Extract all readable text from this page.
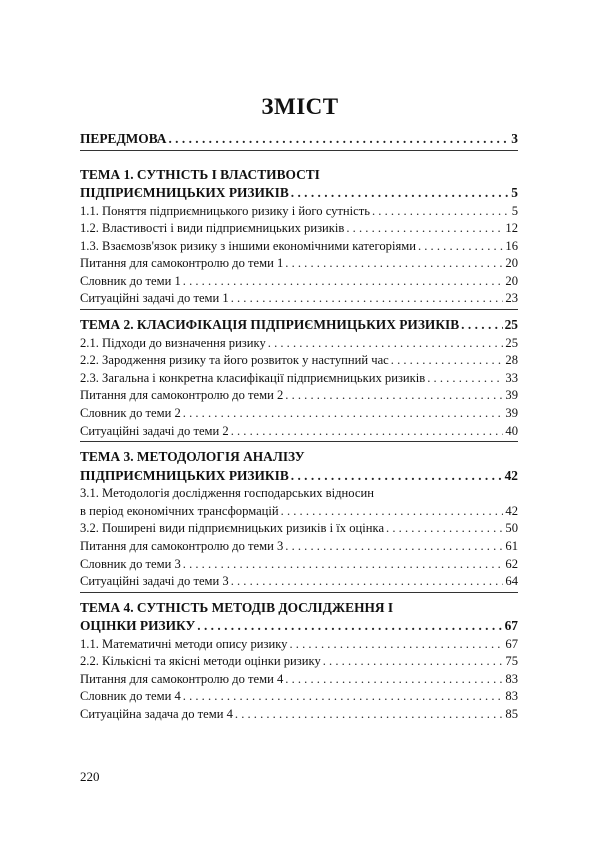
ЗМІСТ
ПЕРЕДМОВА . . .	3
ТЕМА 1. СУТНІСТЬ І ВЛАСТИВОСТІ
ПІДПРИЄМНИЦЬКИХ РИЗИКІВ . . .	5
1.1. Поняття підприємницького ризику і його сутність . . .	5
1.2. Властивості і види підприємницьких ризиків . . .	12
1.3. Взаємозв'язок ризику з іншими економічними категоріями . . .	16
Питання для самоконтролю до теми 1 . . .	20
Словник до теми 1 . . .	20
Ситуаційні задачі до теми 1 . . .	23
ТЕМА 2. КЛАСИФІКАЦІЯ ПІДПРИЄМНИЦЬКИХ РИЗИКІВ . . .	25
2.1. Підходи до визначення ризику . . .	25
2.2. Зародження ризику та його розвиток у наступний час . . .	28
2.3. Загальна і конкретна класифікації підприємницьких ризиків . . .	33
Питання для самоконтролю до теми 2 . . .	39
Словник до теми 2 . . .	39
Ситуаційні задачі до теми 2 . . .	40
ТЕМА 3. МЕТОДОЛОГІЯ АНАЛІЗУ
ПІДПРИЄМНИЦЬКИХ РИЗИКІВ . . .	42
3.1. Методологія дослідження господарських відносин
в період економічних трансформацій . . .	42
3.2. Поширені види підприємницьких ризиків і їх оцінка . . .	50
Питання для самоконтролю до теми 3 . . .	61
Словник до теми 3 . . .	62
Ситуаційні задачі до теми 3 . . .	64
ТЕМА 4. СУТНІСТЬ МЕТОДІВ ДОСЛІДЖЕННЯ І
ОЦІНКИ РИЗИКУ . . .	67
1.1. Математичні методи опису ризику . . .	67
2.2. Кількісні та якісні методи оцінки ризику . . .	75
Питання для самоконтролю до теми 4 . . .	83
Словник до теми 4 . . .	83
Ситуаційна задача до теми 4 . . .	85
220
